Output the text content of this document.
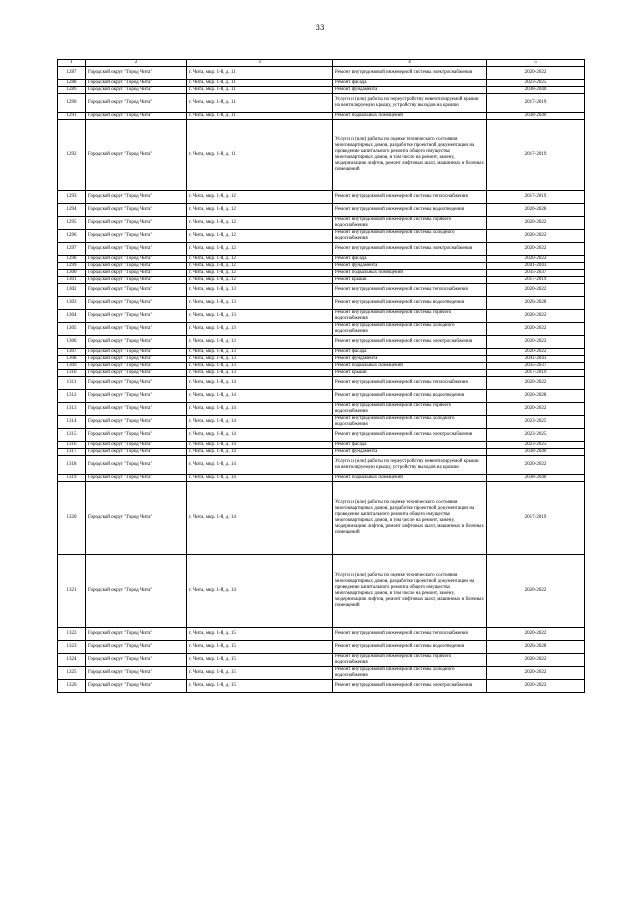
33
1	2	3	4	5
1287	Городской округ "Город Чита"	г. Чита, мкр. 1-й, д. 11	Ремонт внутридомовой инженерной системы электроснабжения	2020-2022
1288	Городской округ "Город Чита"	г. Чита, мкр. 1-й, д. 11	Ремонт фасада	2023-2025
1289	Городской округ "Город Чита"	г. Чита, мкр. 1-й, д. 11	Ремонт фундамента	2038-2040
1290	Городской округ "Город Чита"	г. Чита, мкр. 1-й, д. 11	Услуги и (или) работы по переустройству невентилируемой крыши на вентилируемую крышу, устройству выходов на кровлю	2017-2019
1291	Городской округ "Город Чита"	г. Чита, мкр. 1-й, д. 11	Ремонт подвальных помещений	2038-2040
1292	Городской округ "Город Чита"	г. Чита, мкр. 1-й, д. 11	Услуги и (или) работы по оценке технического состояния многоквартирных домов, разработке проектной документации на проведение капитального ремонта общего имущества многоквартирных домов, в том числе на ремонт, замену, модернизацию лифтов, ремонт лифтовых шахт, машинных и блочных помещений	2017-2019
1293	Городской округ "Город Чита"	г. Чита, мкр. 1-й, д. 12	Ремонт внутридомовой инженерной системы теплоснабжения	2017-2019
1294	Городской округ "Город Чита"	г. Чита, мкр. 1-й, д. 12	Ремонт внутридомовой инженерной системы водоотведения	2026-2028
1295	Городской округ "Город Чита"	г. Чита, мкр. 1-й, д. 12	Ремонт внутридомовой инженерной системы горячего водоснабжения	2020-2022
1296	Городской округ "Город Чита"	г. Чита, мкр. 1-й, д. 12	Ремонт внутридомовой инженерной системы холодного водоснабжения	2020-2022
1297	Городской округ "Город Чита"	г. Чита, мкр. 1-й, д. 12	Ремонт внутридомовой инженерной системы электроснабжения	2020-2022
1298	Городской округ "Город Чита"	г. Чита, мкр. 1-й, д. 12	Ремонт фасада	2020-2022
1299	Городской округ "Город Чита"	г. Чита, мкр. 1-й, д. 12	Ремонт фундамента	2041-2043
1300	Городской округ "Город Чита"	г. Чита, мкр. 1-й, д. 12	Ремонт подвальных помещений	2035-2037
1301	Городской округ "Город Чита"	г. Чита, мкр. 1-й, д. 12	Ремонт крыши	2017-2019
1302	Городской округ "Город Чита"	г. Чита, мкр. 1-й, д. 13	Ремонт внутридомовой инженерной системы теплоснабжения	2020-2022
1303	Городской округ "Город Чита"	г. Чита, мкр. 1-й, д. 13	Ремонт внутридомовой инженерной системы водоотведения	2026-2028
1304	Городской округ "Город Чита"	г. Чита, мкр. 1-й, д. 13	Ремонт внутридомовой инженерной системы горячего водоснабжения	2020-2022
1305	Городской округ "Город Чита"	г. Чита, мкр. 1-й, д. 13	Ремонт внутридомовой инженерной системы холодного водоснабжения	2020-2022
1306	Городской округ "Город Чита"	г. Чита, мкр. 1-й, д. 13	Ремонт внутридомовой инженерной системы электроснабжения	2020-2022
1307	Городской округ "Город Чита"	г. Чита, мкр. 1-й, д. 13	Ремонт фасада	2020-2022
1308	Городской округ "Город Чита"	г. Чита, мкр. 1-й, д. 13	Ремонт фундамента	2041-2043
1309	Городской округ "Город Чита"	г. Чита, мкр. 1-й, д. 13	Ремонт подвальных помещений	2035-2037
1310	Городской округ "Город Чита"	г. Чита, мкр. 1-й, д. 13	Ремонт крыши	2017-2019
1311	Городской округ "Город Чита"	г. Чита, мкр. 1-й, д. 14	Ремонт внутридомовой инженерной системы теплоснабжения	2020-2022
1312	Городской округ "Город Чита"	г. Чита, мкр. 1-й, д. 14	Ремонт внутридомовой инженерной системы водоотведения	2026-2028
1313	Городской округ "Город Чита"	г. Чита, мкр. 1-й, д. 14	Ремонт внутридомовой инженерной системы горячего водоснабжения	2020-2022
1314	Городской округ "Город Чита"	г. Чита, мкр. 1-й, д. 14	Ремонт внутридомовой инженерной системы холодного водоснабжения	2023-2025
1315	Городской округ "Город Чита"	г. Чита, мкр. 1-й, д. 14	Ремонт внутридомовой инженерной системы электроснабжения	2023-2025
1316	Городской округ "Город Чита"	г. Чита, мкр. 1-й, д. 14	Ремонт фасада	2023-2025
1317	Городской округ "Город Чита"	г. Чита, мкр. 1-й, д. 14	Ремонт фундамента	2038-2040
1318	Городской округ "Город Чита"	г. Чита, мкр. 1-й, д. 14	Услуги и (или) работы по переустройству невентилируемой крыши на вентилируемую крышу, устройству выходов на кровлю	2020-2022
1319	Городской округ "Город Чита"	г. Чита, мкр. 1-й, д. 14	Ремонт подвальных помещений	2038-2040
1320	Городской округ "Город Чита"	г. Чита, мкр. 1-й, д. 14	Услуги и (или) работы по оценке технического состояния многоквартирных домов, разработке проектной документации на проведение капитального ремонта общего имущества многоквартирных домов, в том числе на ремонт, замену, модернизацию лифтов, ремонт лифтовых шахт, машинных и блочных помещений	2017-2019
1321	Городской округ "Город Чита"	г. Чита, мкр. 1-й, д. 14	Услуги и (или) работы по оценке технического состояния многоквартирных домов, разработке проектной документации на проведение капитального ремонта общего имущества многоквартирных домов, в том числе на ремонт, замену, модернизацию лифтов, ремонт лифтовых шахт, машинных и блочных помещений	2020-2022
1322	Городской округ "Город Чита"	г. Чита, мкр. 1-й, д. 15	Ремонт внутридомовой инженерной системы теплоснабжения	2020-2022
1323	Городской округ "Город Чита"	г. Чита, мкр. 1-й, д. 15	Ремонт внутридомовой инженерной системы водоотведения	2026-2028
1324	Городской округ "Город Чита"	г. Чита, мкр. 1-й, д. 15	Ремонт внутридомовой инженерной системы горячего водоснабжения	2020-2022
1325	Городской округ "Город Чита"	г. Чита, мкр. 1-й, д. 15	Ремонт внутридомовой инженерной системы холодного водоснабжения	2020-2022
1326	Городской округ "Город Чита"	г. Чита, мкр. 1-й, д. 15	Ремонт внутридомовой инженерной системы электроснабжения	2020-2022
